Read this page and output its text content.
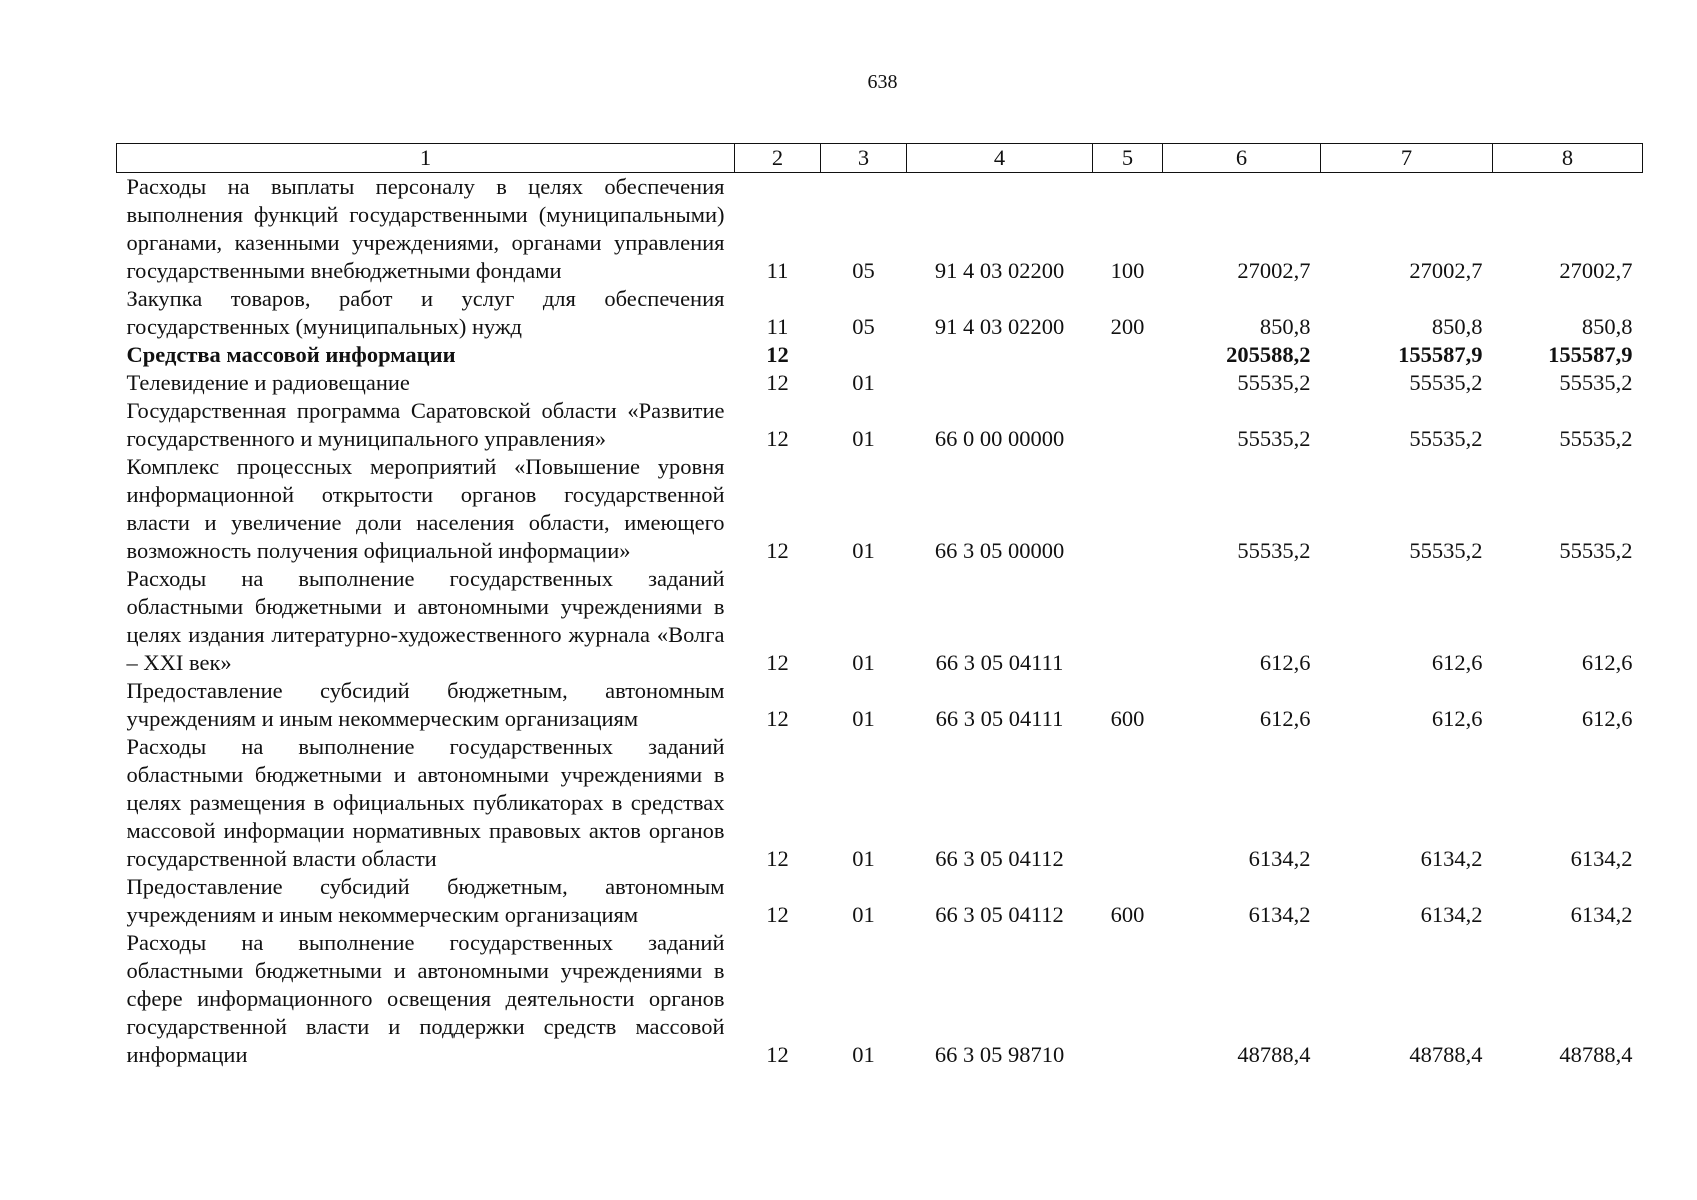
638
1	2	3	4	5	6	7	8
Расходы на выплаты персоналу в целях обеспечения выполнения функций государственными (муниципальными) органами, казенными учреждениями, органами управления государственными внебюджетными фондами	11	05	91 4 03 02200	100	27002,7	27002,7	27002,7
Закупка товаров, работ и услуг для обеспечения государственных (муниципальных) нужд	11	05	91 4 03 02200	200	850,8	850,8	850,8
Средства массовой информации	12				205588,2	155587,9	155587,9
Телевидение и радиовещание	12	01			55535,2	55535,2	55535,2
Государственная программа Саратовской области «Развитие государственного и муниципального управления»	12	01	66 0 00 00000		55535,2	55535,2	55535,2
Комплекс процессных мероприятий «Повышение уровня информационной открытости органов государственной власти и увеличение доли населения области, имеющего возможность получения официальной информации»	12	01	66 3 05 00000		55535,2	55535,2	55535,2
Расходы на выполнение государственных заданий областными бюджетными и автономными учреждениями в целях издания литературно-художественного журнала «Волга – XXI век»	12	01	66 3 05 04111		612,6	612,6	612,6
Предоставление субсидий бюджетным, автономным учреждениям и иным некоммерческим организациям	12	01	66 3 05 04111	600	612,6	612,6	612,6
Расходы на выполнение государственных заданий областными бюджетными и автономными учреждениями в целях размещения в официальных публикаторах в средствах массовой информации нормативных правовых актов органов государственной власти области	12	01	66 3 05 04112		6134,2	6134,2	6134,2
Предоставление субсидий бюджетным, автономным учреждениям и иным некоммерческим организациям	12	01	66 3 05 04112	600	6134,2	6134,2	6134,2
Расходы на выполнение государственных заданий областными бюджетными и автономными учреждениями в сфере информационного освещения деятельности органов государственной власти и поддержки средств массовой информации	12	01	66 3 05 98710		48788,4	48788,4	48788,4
